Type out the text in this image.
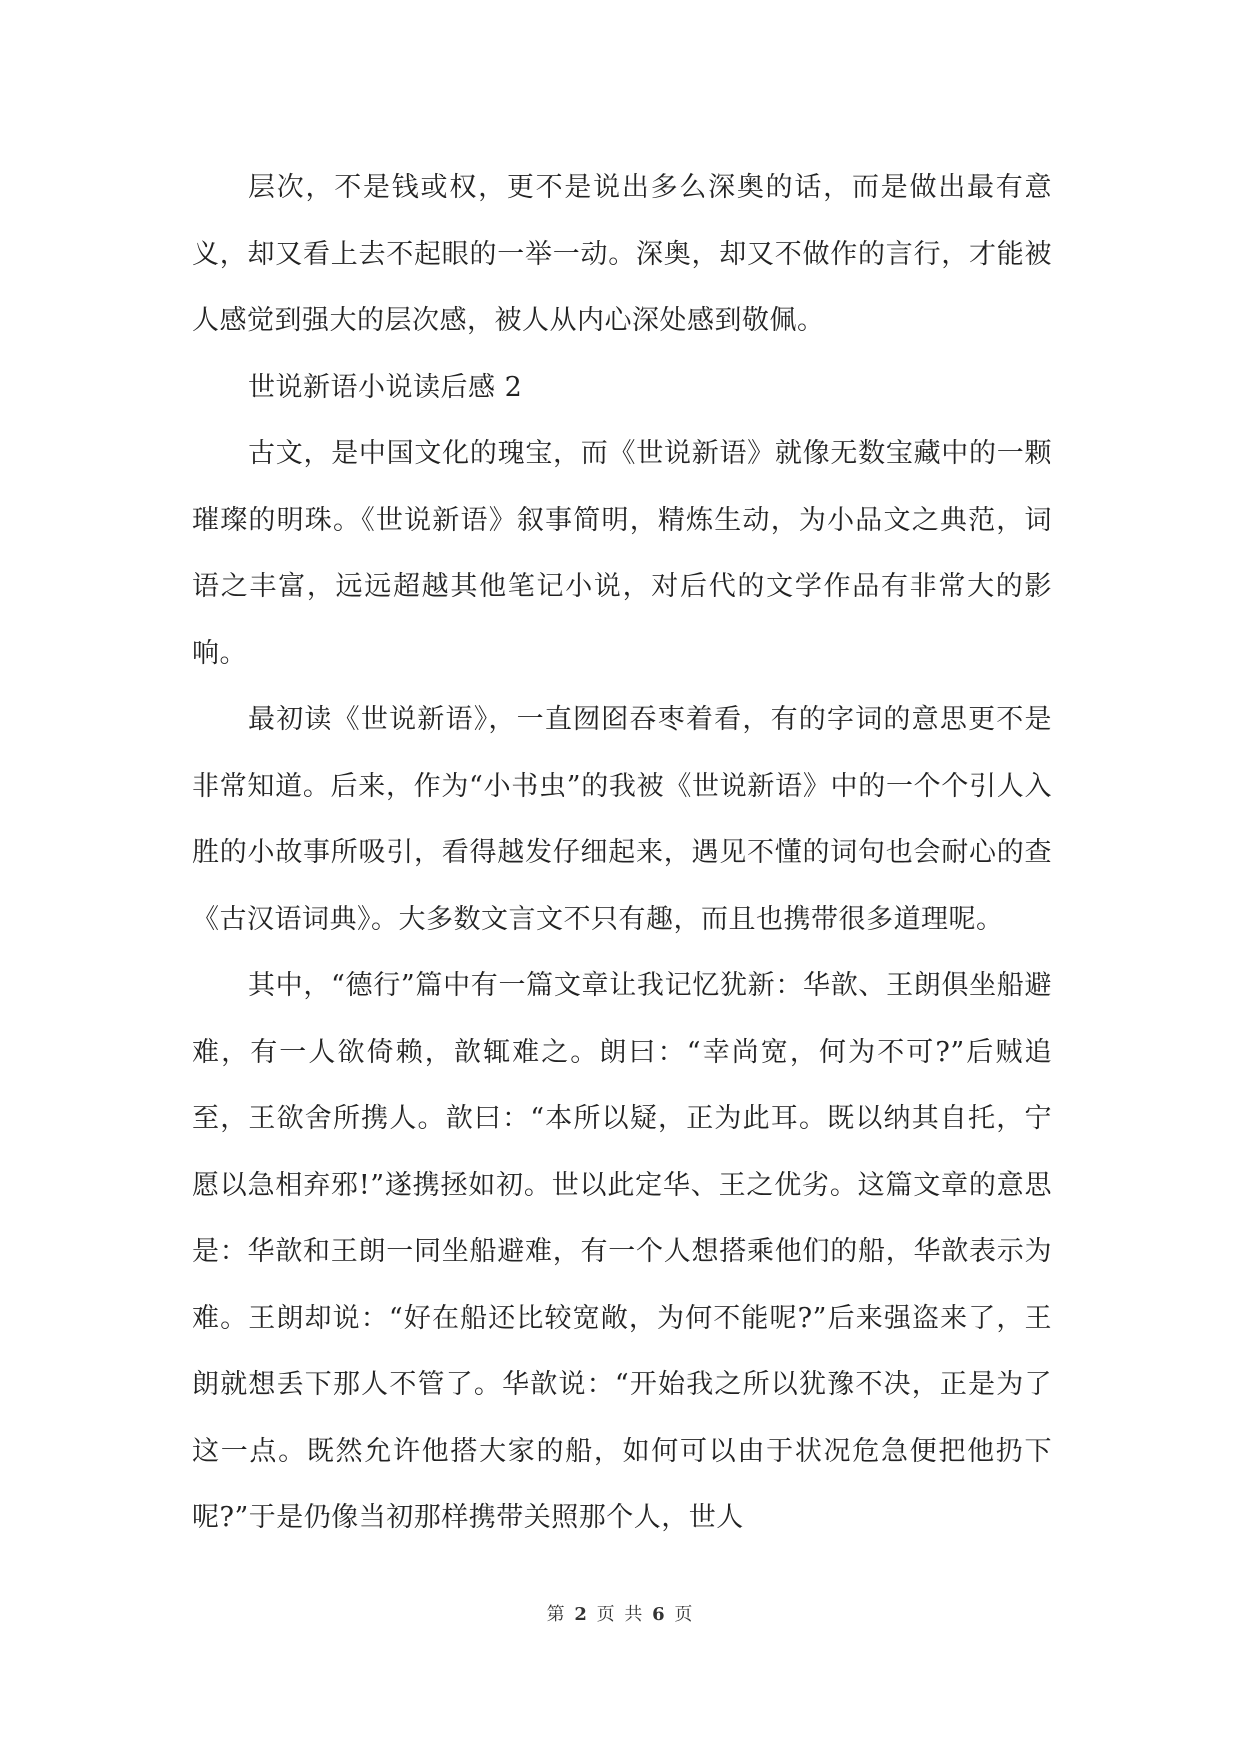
层次，不是钱或权，更不是说出多么深奥的话，而是做出最有意义，却又看上去不起眼的一举一动。深奥，却又不做作的言行，才能被人感觉到强大的层次感，被人从内心深处感到敬佩。

世说新语小说读后感 2

古文，是中国文化的瑰宝，而《世说新语》就像无数宝藏中的一颗璀璨的明珠。《世说新语》叙事简明，精炼生动，为小品文之典范，词语之丰富，远远超越其他笔记小说，对后代的文学作品有非常大的影响。

最初读《世说新语》，一直囫囵吞枣着看，有的字词的意思更不是非常知道。后来，作为“小书虫”的我被《世说新语》中的一个个引人入胜的小故事所吸引，看得越发仔细起来，遇见不懂的词句也会耐心的查《古汉语词典》。大多数文言文不只有趣，而且也携带很多道理呢。

其中，“德行”篇中有一篇文章让我记忆犹新：华歆、王朗俱坐船避难，有一人欲倚赖，歆辄难之。朗曰：“幸尚宽，何为不可?”后贼追至，王欲舍所携人。歆曰：“本所以疑，正为此耳。既以纳其自托，宁愿以急相弃邪!”遂携拯如初。世以此定华、王之优劣。这篇文章的意思是：华歆和王朗一同坐船避难，有一个人想搭乘他们的船，华歆表示为难。王朗却说：“好在船还比较宽敞，为何不能呢?”后来强盗来了，王朗就想丢下那人不管了。华歆说：“开始我之所以犹豫不决，正是为了这一点。既然允许他搭大家的船，如何可以由于状况危急便把他扔下呢?”于是仍像当初那样携带关照那个人，世人

第 2 页 共 6 页
